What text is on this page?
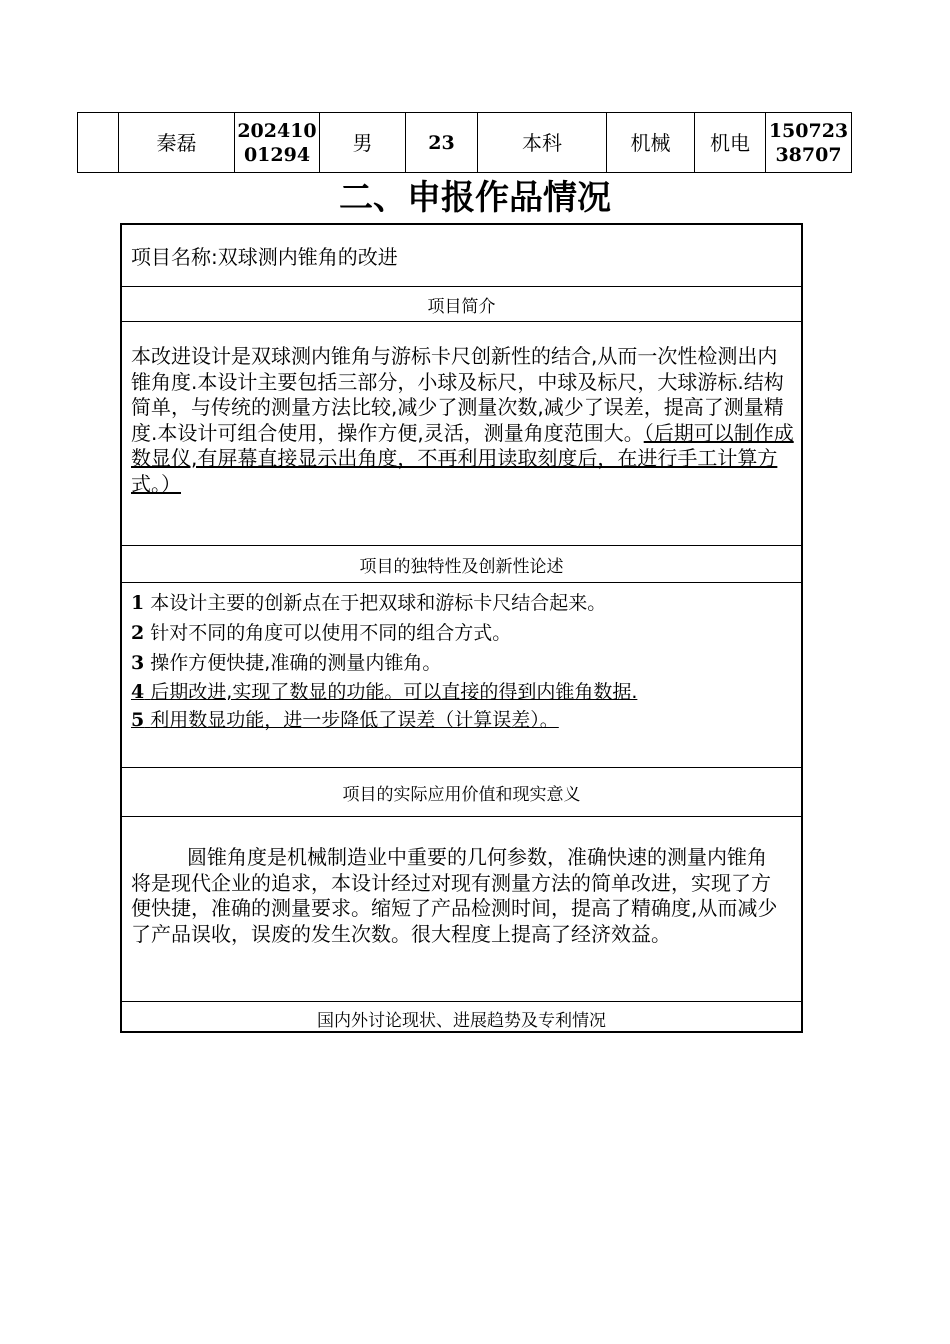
	秦磊	202410
01294	男	23	本科	机械	机电	150723
38707
二、申报作品情况
项目名称:双球测内锥角的改进
项目简介
本改进设计是双球测内锥角与游标卡尺创新性的结合,从而一次性检测出内锥角度.本设计主要包括三部分，小球及标尺，中球及标尺，大球游标.结构简单，与传统的测量方法比较,减少了测量次数,减少了误差，提高了测量精度.本设计可组合使用，操作方便,灵活，测量角度范围大。（后期可以制作成数显仪,有屏幕直接显示出角度，不再利用读取刻度后，在进行手工计算方式。）
项目的独特性及创新性论述
1 本设计主要的创新点在于把双球和游标卡尺结合起来。
2 针对不同的角度可以使用不同的组合方式。
3 操作方便快捷,准确的测量内锥角。
4 后期改进,实现了数显的功能。可以直接的得到内锥角数据.
5 利用数显功能，进一步降低了误差（计算误差）。
项目的实际应用价值和现实意义
圆锥角度是机械制造业中重要的几何参数，准确快速的测量内锥角将是现代企业的追求，本设计经过对现有测量方法的简单改进，实现了方便快捷，准确的测量要求。缩短了产品检测时间，提高了精确度,从而减少了产品误收，误废的发生次数。很大程度上提高了经济效益。
国内外讨论现状、进展趋势及专利情况
